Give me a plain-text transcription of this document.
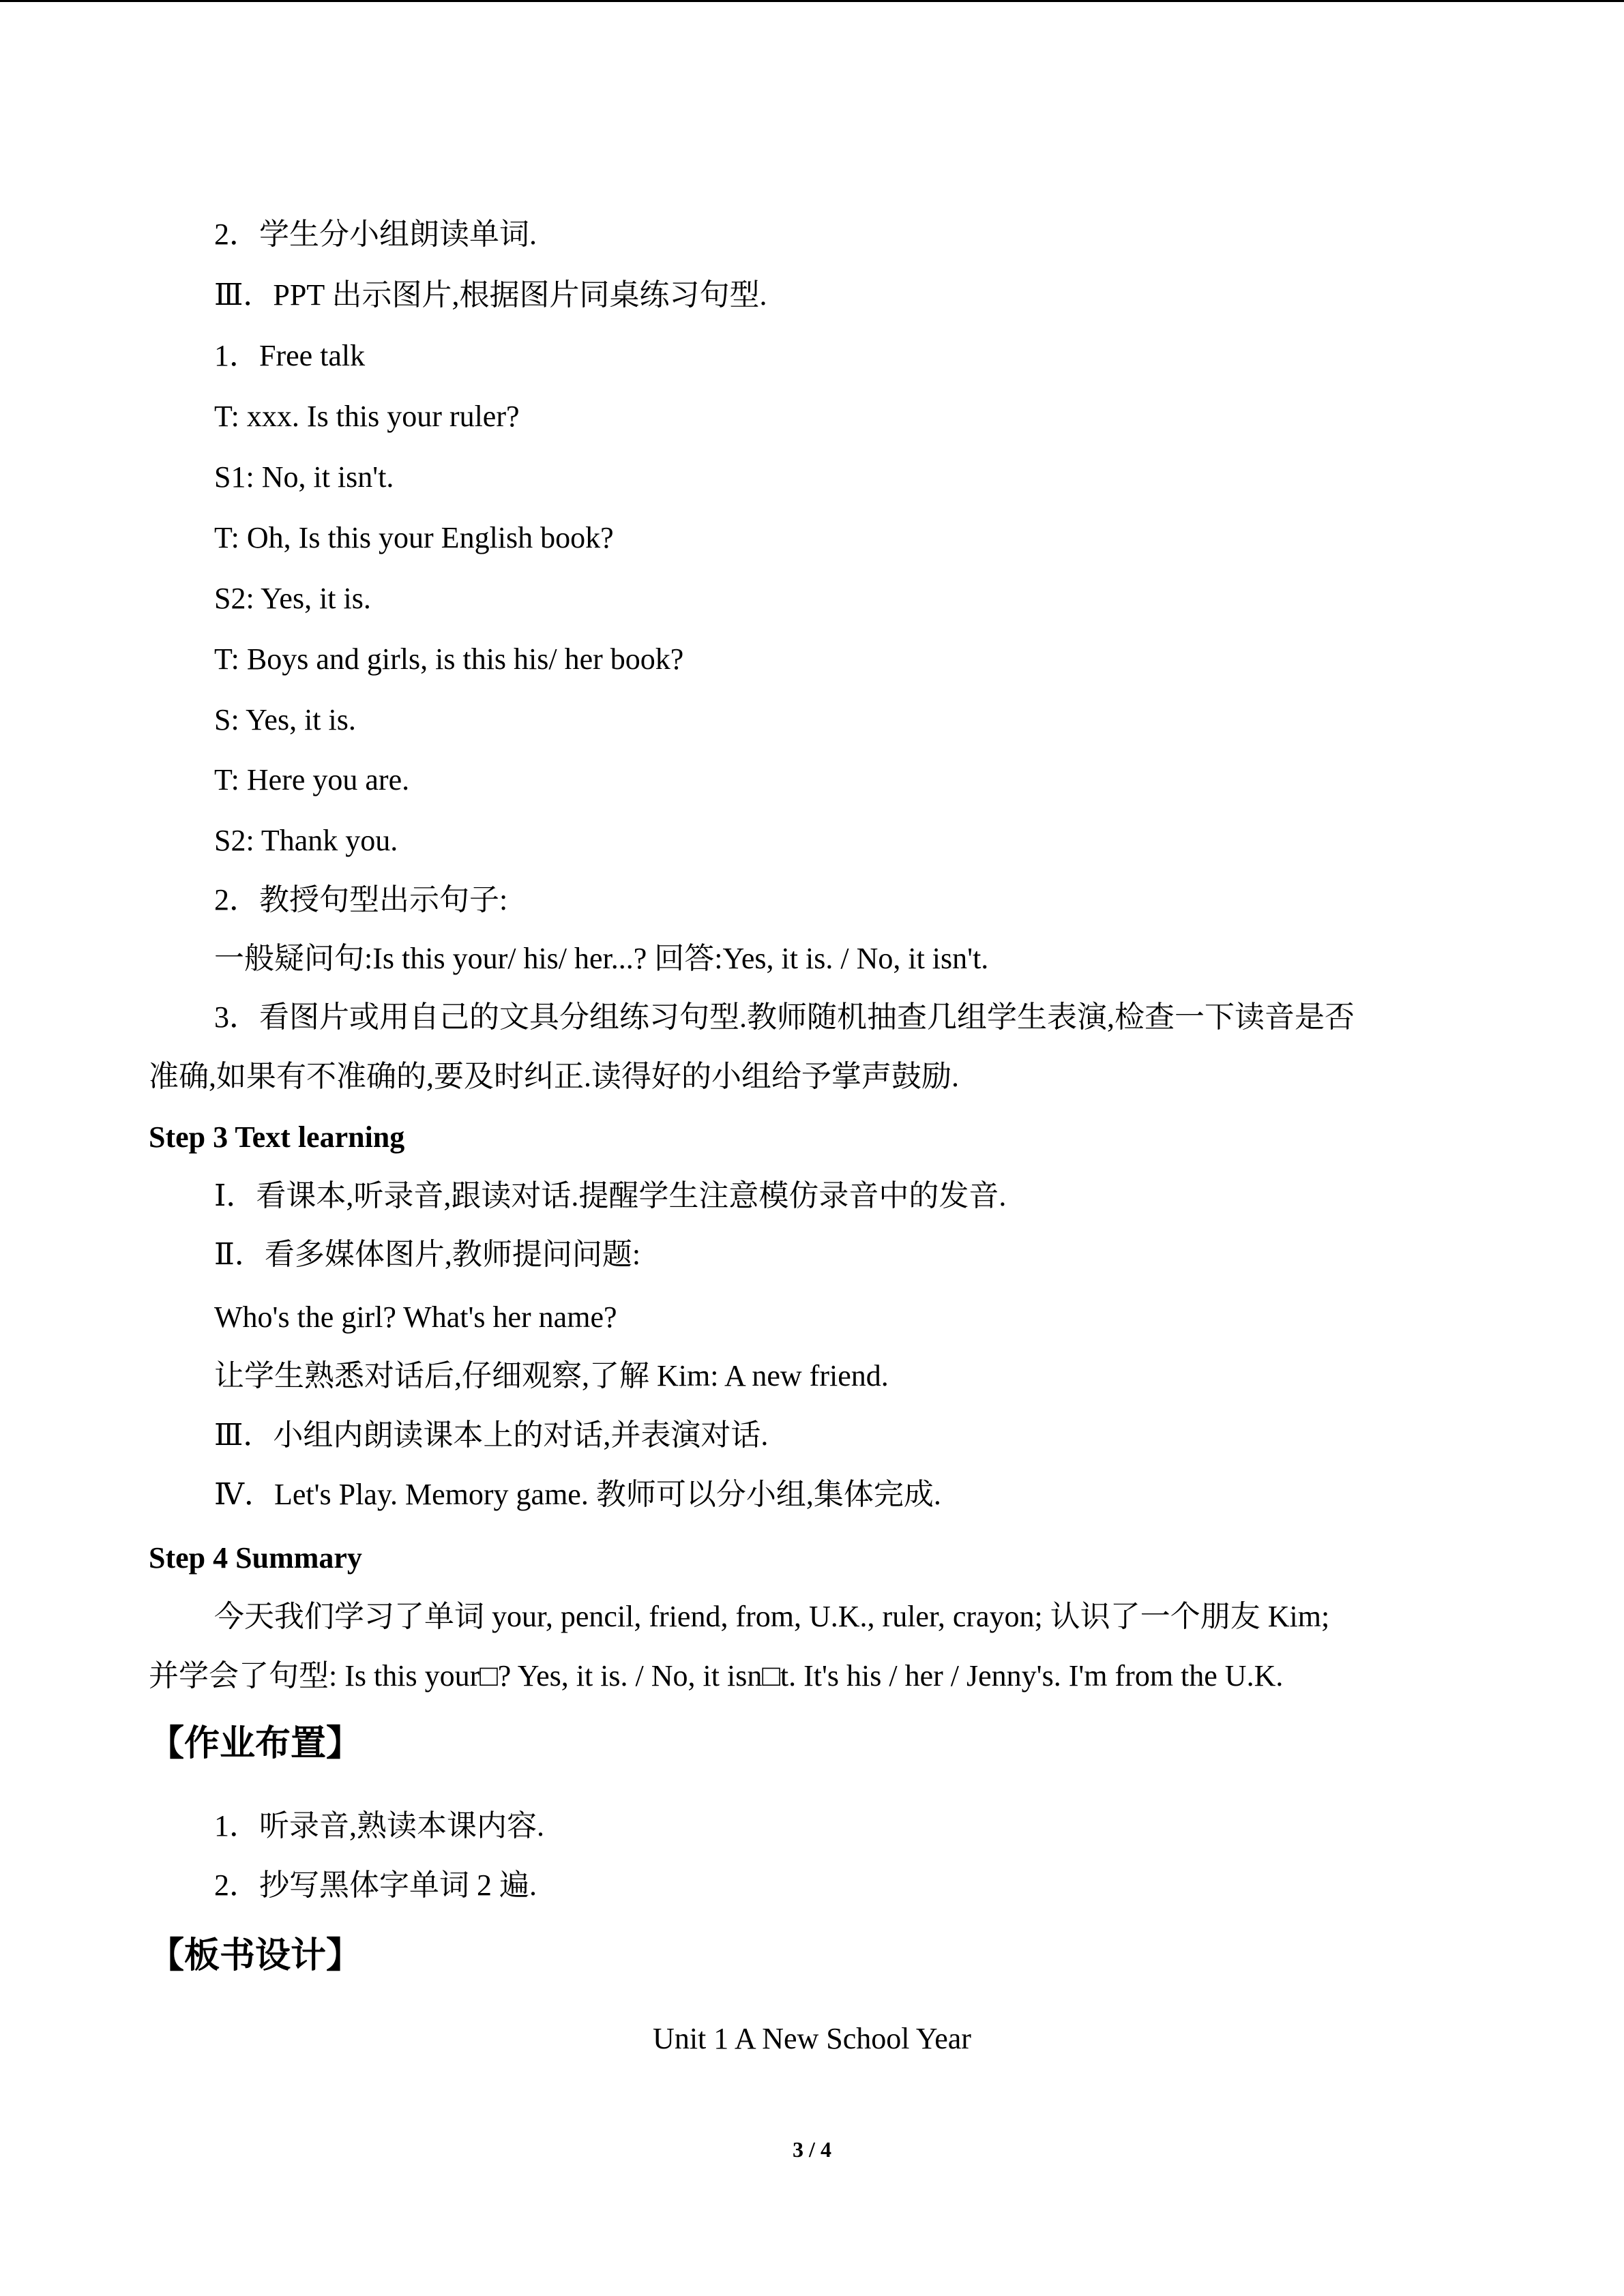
2．学生分小组朗读单词.
Ⅲ．PPT 出示图片,根据图片同桌练习句型.
1．Free talk
T: xxx. Is this your ruler?
S1: No, it isn't.
T: Oh, Is this your English book?
S2: Yes, it is.
T: Boys and girls, is this his/ her book?
S: Yes, it is.
T: Here you are.
S2: Thank you.
2．教授句型出示句子:
一般疑问句:Is this your/ his/ her...? 回答:Yes, it is. / No, it isn't.
3．看图片或用自己的文具分组练习句型.教师随机抽查几组学生表演,检查一下读音是否
准确,如果有不准确的,要及时纠正.读得好的小组给予掌声鼓励.
Step 3 Text learning
Ⅰ．看课本,听录音,跟读对话.提醒学生注意模仿录音中的发音.
Ⅱ．看多媒体图片,教师提问问题:
Who's the girl? What's her name?
让学生熟悉对话后,仔细观察,了解 Kim: A new friend.
Ⅲ．小组内朗读课本上的对话,并表演对话.
Ⅳ．Let's Play. Memory game. 教师可以分小组,集体完成.
Step 4 Summary
今天我们学习了单词 your, pencil, friend, from, U.K., ruler, crayon; 认识了一个朋友 Kim;
并学会了句型: Is this your□? Yes, it is. / No, it isn□t. It's his / her / Jenny's. I'm from the U.K.
【作业布置】
1．听录音,熟读本课内容.
2．抄写黑体字单词 2 遍.
【板书设计】
Unit 1 A New School Year
3 / 4
